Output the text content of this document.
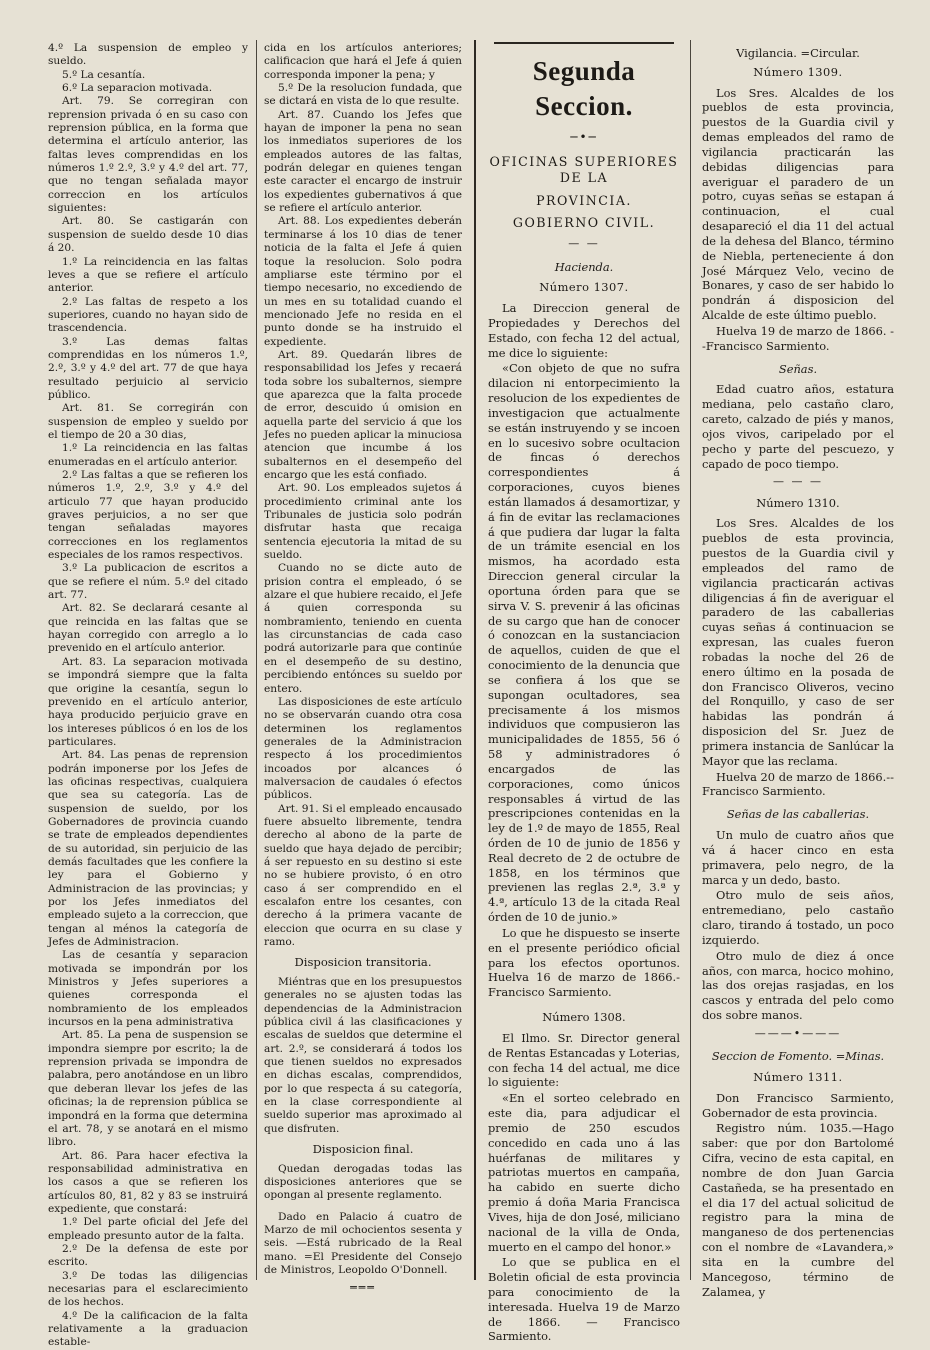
4.º La suspension de empleo y sueldo.

5.º La cesantía.

6.º La separacion motivada.

Art. 79. Se corregiran con reprension privada ó en su caso con reprension pública, en la forma que determina el artículo anterior, las faltas leves comprendidas en los números 1.º 2.º, 3.º y 4.º del art. 77, que no tengan señalada mayor correccion en los artículos siguientes:

Art. 80. Se castigarán con suspension de sueldo desde 10 dias á 20.

1.º La reincidencia en las faltas leves a que se refiere el artículo anterior.

2.º Las faltas de respeto a los superiores, cuando no hayan sido de trascendencia.

3.º Las demas faltas comprendidas en los números 1.º, 2.º, 3.º y 4.º del art. 77 de que haya resultado perjuicio al servicio público.

Art. 81. Se corregirán con suspension de empleo y sueldo por el tiempo de 20 a 30 dias,

1.º La reincidencia en las faltas enumeradas en el artículo anterior.

2.º Las faltas a que se refieren los números 1.º, 2.º, 3.º y 4.º del articulo 77 que hayan producido graves perjuicios, a no ser que tengan señaladas mayores correcciones en los reglamentos especiales de los ramos respectivos.

3.º La publicacion de escritos a que se refiere el núm. 5.º del citado art. 77.

Art. 82. Se declarará cesante al que reincida en las faltas que se hayan corregido con arreglo a lo prevenido en el artículo anterior.

Art. 83. La separacion motivada se impondrá siempre que la falta que origine la cesantía, segun lo prevenido en el artículo anterior, haya producido perjuicio grave en los intereses públicos ó en los de los particulares.

Art. 84. Las penas de reprension podrán imponerse por los Jefes de las oficinas respectivas, cualquiera que sea su categoría. Las de suspension de sueldo, por los Gobernadores de provincia cuando se trate de empleados dependientes de su autoridad, sin perjuicio de las demás facultades que les confiere la ley para el Gobierno y Administracion de las provincias; y por los Jefes inmediatos del empleado sujeto a la correccion, que tengan al ménos la categoría de Jefes de Administracion.

Las de cesantía y separacion motivada se impondrán por los Ministros y Jefes superiores a quienes corresponda el nombramiento de los empleados incursos en la pena administrativa

Art. 85. La pena de suspension se impondra siempre por escrito; la de reprension privada se impondra de palabra, pero anotándose en un libro que deberan llevar los jefes de las oficinas; la de reprension pública se impondrá en la forma que determina el art. 78, y se anotará en el mismo libro.

Art. 86. Para hacer efectiva la responsabilidad administrativa en los casos a que se refieren los artículos 80, 81, 82 y 83 se instruirá expediente, que constará:

1.º Del parte oficial del Jefe del empleado presunto autor de la falta.

2.º De la defensa de este por escrito.

3.º De todas las diligencias necesarias para el esclarecimiento de los hechos.

4.º De la calificacion de la falta relativamente a la graduacion estable-

cida en los artículos anteriores; calificacion que hará el Jefe á quien corresponda imponer la pena; y

5.º De la resolucion fundada, que se dictará en vista de lo que resulte.

Art. 87. Cuando los Jefes que hayan de imponer la pena no sean los inmediatos superiores de los empleados autores de las faltas, podrán delegar en quienes tengan este caracter el encargo de instruir los expedientes gubernativos á que se refiere el artículo anterior.

Art. 88. Los expedientes deberán terminarse á los 10 dias de tener noticia de la falta el Jefe á quien toque la resolucion. Solo podra ampliarse este término por el tiempo necesario, no excediendo de un mes en su totalidad cuando el mencionado Jefe no resida en el punto donde se ha instruido el expediente.

Art. 89. Quedarán libres de responsabilidad los Jefes y recaerá toda sobre los subalternos, siempre que aparezca que la falta procede de error, descuido ú omision en aquella parte del servicio á que los Jefes no pueden aplicar la minuciosa atencion que incumbe á los subalternos en el desempeño del encargo que les está confiado.

Art. 90. Los empleados sujetos á procedimiento criminal ante los Tribunales de justicia solo podrán disfrutar hasta que recaiga sentencia ejecutoria la mitad de su sueldo.

Cuando no se dicte auto de prision contra el empleado, ó se alzare el que hubiere recaido, el Jefe á quien corresponda su nombramiento, teniendo en cuenta las circunstancias de cada caso podrá autorizarle para que continúe en el desempeño de su destino, percibiendo entónces su sueldo por entero.

Las disposiciones de este artículo no se observarán cuando otra cosa determinen los reglamentos generales de la Administracion respecto á los procedimientos incoados por alcances ó malversacion de caudales ó efectos públicos.

Art. 91. Si el empleado encausado fuere absuelto libremente, tendra derecho al abono de la parte de sueldo que haya dejado de percibir; á ser repuesto en su destino si este no se hubiere provisto, ó en otro caso á ser comprendido en el escalafon entre los cesantes, con derecho á la primera vacante de eleccion que ocurra en su clase y ramo.

Disposicion transitoria.

Miéntras que en los presupuestos generales no se ajusten todas las dependencias de la Administracion pública civil á las clasificaciones y escalas de sueldos que determine el art. 2.º, se considerará á todos los que tienen sueldos no expresados en dichas escalas, comprendidos, por lo que respecta á su categoría, en la clase correspondiente al sueldo superior mas aproximado al que disfruten.

Disposicion final.

Quedan derogadas todas las disposiciones anteriores que se opongan al presente reglamento.

Dado en Palacio á cuatro de Marzo de mil ochocientos sesenta y seis. —Está rubricado de la Real mano. =El Presidente del Consejo de Ministros, Leopoldo O'Donnell.

═══
Segunda Seccion.
─•─
OFICINAS SUPERIORES DE LA
PROVINCIA.
GOBIERNO CIVIL.
— —
Hacienda.
Número 1307.

La Direccion general de Propiedades y Derechos del Estado, con fecha 12 del actual, me dice lo siguiente:

«Con objeto de que no sufra dilacion ni entorpecimiento la resolucion de los expedientes de investigacion que actualmente se están instruyendo y se incoen en lo sucesivo sobre ocultacion de fincas ó derechos correspondientes á corporaciones, cuyos bienes están llamados á desamortizar, y á fin de evitar las reclamaciones á que pudiera dar lugar la falta de un trámite esencial en los mismos, ha acordado esta Direccion general circular la oportuna órden para que se sirva V. S. prevenir á las oficinas de su cargo que han de conocer ó conozcan en la sustanciacion de aquellos, cuiden de que el conocimiento de la denuncia que se confiera á los que se supongan ocultadores, sea precisamente á los mismos individuos que compusieron las municipalidades de 1855, 56 ó 58 y administradores ó encargados de las corporaciones, como únicos responsables á virtud de las prescripciones contenidas en la ley de 1.º de mayo de 1855, Real órden de 10 de junio de 1856 y Real decreto de 2 de octubre de 1858, en los términos que previenen las reglas 2.ª, 3.ª y 4.ª, artículo 13 de la citada Real órden de 10 de junio.»

Lo que he dispuesto se inserte en el presente periódico oficial para los efectos oportunos. Huelva 16 de marzo de 1866.-Francisco Sarmiento.

Número 1308.

El Ilmo. Sr. Director general de Rentas Estancadas y Loterias, con fecha 14 del actual, me dice lo siguiente:

«En el sorteo celebrado en este dia, para adjudicar el premio de 250 escudos concedido en cada uno á las huérfanas de militares y patriotas muertos en campaña, ha cabido en suerte dicho premio á doña Maria Francisca Vives, hija de don José, miliciano nacional de la villa de Onda, muerto en el campo del honor.»

Lo que se publica en el Boletin oficial de esta provincia para conocimiento de la interesada. Huelva 19 de Marzo de 1866. — Francisco Sarmiento.

Vigilancia. =Circular.
Número 1309.

Los Sres. Alcaldes de los pueblos de esta provincia, puestos de la Guardia civil y demas empleados del ramo de vigilancia practicarán las debidas diligencias para averiguar el paradero de un potro, cuyas señas se estapan á continuacion, el cual desapareció el dia 11 del actual de la dehesa del Blanco, término de Niebla, perteneciente á don José Márquez Velo, vecino de Bonares, y caso de ser habido lo pondrán á disposicion del Alcalde de este último pueblo.

Huelva 19 de marzo de 1866. --Francisco Sarmiento.

Señas.

Edad cuatro años, estatura mediana, pelo castaño claro, careto, calzado de piés y manos, ojos vivos, caripelado por el pecho y parte del pescuezo, y capado de poco tiempo.

— — —
Número 1310.

Los Sres. Alcaldes de los pueblos de esta provincia, puestos de la Guardia civil y empleados del ramo de vigilancia practicarán activas diligencias á fin de averiguar el paradero de las caballerias cuyas señas á continuacion se expresan, las cuales fueron robadas la noche del 26 de enero último en la posada de don Francisco Oliveros, vecino del Ronquillo, y caso de ser habidas las pondrán á disposicion del Sr. Juez de primera instancia de Sanlúcar la Mayor que las reclama.

Huelva 20 de marzo de 1866.-- Francisco Sarmiento.

Señas de las caballerias.

Un mulo de cuatro años que vá á hacer cinco en esta primavera, pelo negro, de la marca y un dedo, basto.

Otro mulo de seis años, entremediano, pelo castaño claro, tirando á tostado, un poco izquierdo.

Otro mulo de diez á once años, con marca, hocico mohino, las dos orejas rasjadas, en los cascos y entrada del pelo como dos sobre manos.

———•———
Seccion de Fomento. =Minas.
Número 1311.

Don Francisco Sarmiento, Gobernador de esta provincia.

Registro núm. 1035.—Hago saber: que por don Bartolomé Cifra, vecino de esta capital, en nombre de don Juan Garcia Castañeda, se ha presentado en el dia 17 del actual solicitud de registro para la mina de manganeso de dos pertenencias con el nombre de «Lavandera,» sita en la cumbre del Mancegoso, término de Zalamea, y
